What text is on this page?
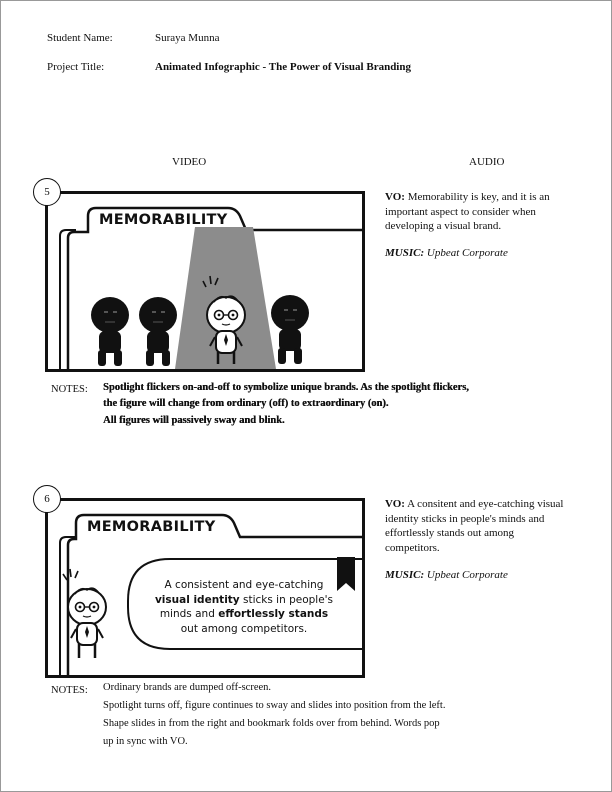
Student Name:	Suraya Munna
Project Title:	Animated Infographic - The Power of Visual Branding
VIDEO	AUDIO
MEMORABILITY
5	VO: Memorability is key, and it is an important aspect to consider when developing a visual brand.
MUSIC: Upbeat Corporate
NOTES: Spotlight flickers on-and-off to symbolize unique brands. As the spotlight flickers,
the figure will change from ordinary (off) to extraordinary (on).
All figures will passively sway and blink.
MEMORABILITY
A consistent and eye-catching
visual identity sticks in people's
minds and effortlessly stands
out among competitors.
6	VO: A consitent and eye-catching visual identity sticks in people's minds and effortlessly stands out among competitors.
MUSIC: Upbeat Corporate
NOTES: Ordinary brands are dumped off-screen.
Spotlight turns off, figure continues to sway and slides into position from the left.
Shape slides in from the right and bookmark folds over from behind. Words pop
up in sync with VO.
